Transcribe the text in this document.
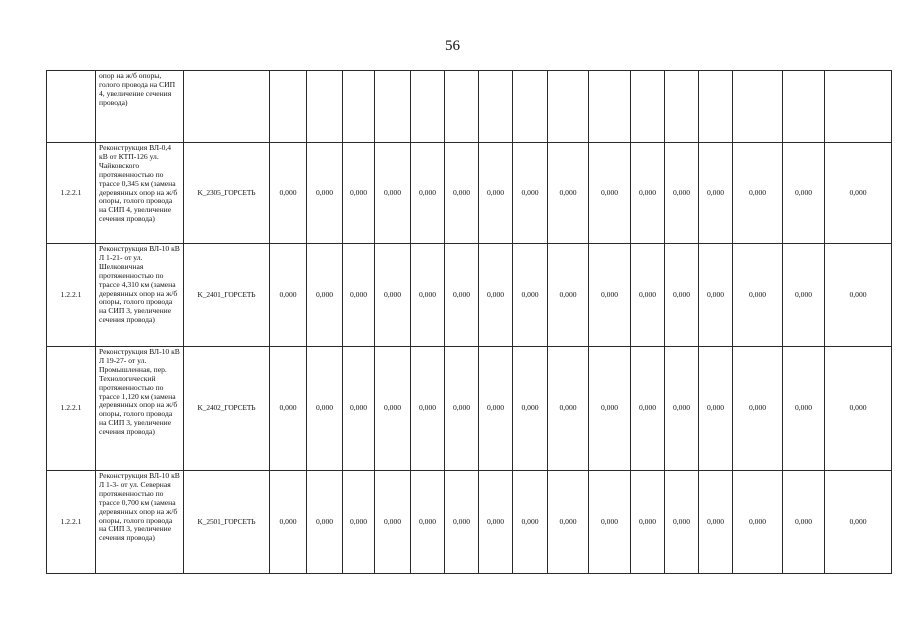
56
	опор на ж/б опоры, голого провода на СИП 4, увеличение сечения провода)																		
1.2.2.1	Реконструкция ВЛ-0,4 кВ от КТП-126 ул. Чайковского протяженностью по трассе 0,345 км (замена деревянных опор на ж/б опоры, голого провода на СИП 4, увеличение сечения провода)	K_2305_ГОРСЕТЬ	0,000	0,000	0,000	0,000	0,000	0,000	0,000	0,000	0,000	0,000	0,000	0,000	0,000	0,000	0,000	0,000	
1.2.2.1	Реконструкция ВЛ-10 кВ Л 1-21- от ул. Шелковичная протяженностью по трассе 4,310 км (замена деревянных опор на ж/б опоры, голого провода на СИП 3, увеличение сечения провода)	K_2401_ГОРСЕТЬ	0,000	0,000	0,000	0,000	0,000	0,000	0,000	0,000	0,000	0,000	0,000	0,000	0,000	0,000	0,000	0,000	
1.2.2.1	Реконструкция ВЛ-10 кВ Л 19-27- от ул. Промышленная, пер. Технологический протяженностью по трассе 1,120 км (замена деревянных опор на ж/б опоры, голого провода на СИП 3, увеличение сечения провода)	K_2402_ГОРСЕТЬ	0,000	0,000	0,000	0,000	0,000	0,000	0,000	0,000	0,000	0,000	0,000	0,000	0,000	0,000	0,000	0,000	
1.2.2.1	Реконструкция ВЛ-10 кВ Л 1-3- от ул. Северная протяженностью по трассе 0,700 км (замена деревянных опор на ж/б опоры, голого провода на СИП 3, увеличение сечения провода)	K_2501_ГОРСЕТЬ	0,000	0,000	0,000	0,000	0,000	0,000	0,000	0,000	0,000	0,000	0,000	0,000	0,000	0,000	0,000	0,000	
